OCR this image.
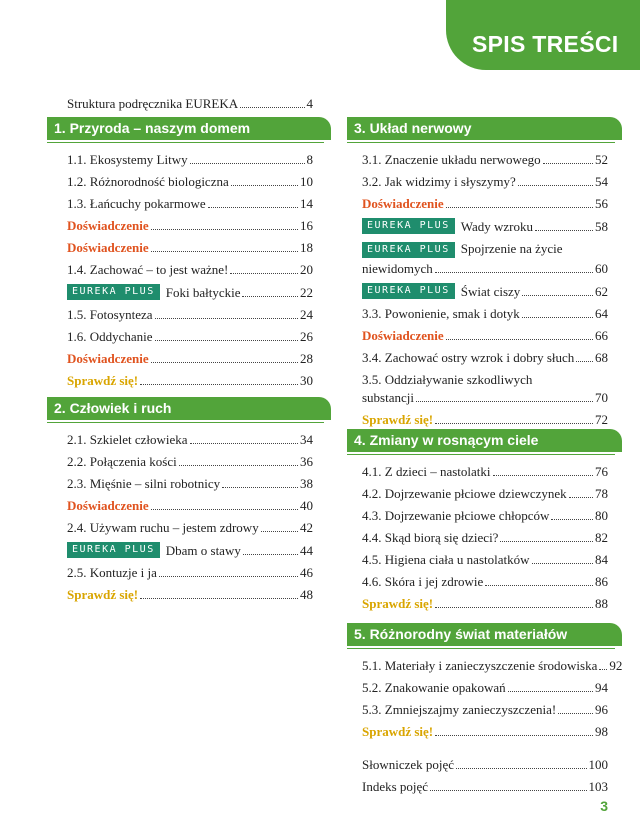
SPIS TREŚCI
Struktura podręcznika EUREKA	4
1. Przyroda – naszym domem
1.1. Ekosystemy Litwy	8
1.2. Różnorodność biologiczna	10
1.3. Łańcuchy pokarmowe	14
Doświadczenie	16
Doświadczenie	18
1.4. Zachować – to jest ważne!	20
EUREKA PLUS Foki bałtyckie	22
1.5. Fotosynteza	24
1.6. Oddychanie	26
Doświadczenie	28
Sprawdź się!	30
2. Człowiek i ruch
2.1. Szkielet człowieka	34
2.2. Połączenia kości	36
2.3. Mięśnie – silni robotnicy	38
Doświadczenie	40
2.4. Używam ruchu – jestem zdrowy	42
EUREKA PLUS Dbam o stawy	44
2.5. Kontuzje i ja	46
Sprawdź się!	48
3. Układ nerwowy
3.1. Znaczenie układu nerwowego	52
3.2. Jak widzimy i słyszymy?	54
Doświadczenie	56
EUREKA PLUS Wady wzroku	58
EUREKA PLUS Spojrzenie na życie
niewidomych	60
EUREKA PLUS Świat ciszy	62
3.3. Powonienie, smak i dotyk	64
Doświadczenie	66
3.4. Zachować ostry wzrok i dobry słuch 68
3.5. Oddziaływanie szkodliwych
substancji	70
Sprawdź się!	72
4. Zmiany w rosnącym ciele
4.1. Z dzieci – nastolatki	76
4.2. Dojrzewanie płciowe dziewczynek 78
4.3. Dojrzewanie płciowe chłopców	80
4.4. Skąd biorą się dzieci?	82
4.5. Higiena ciała u nastolatków	84
4.6. Skóra i jej zdrowie	86
Sprawdź się!	88
5. Różnorodny świat materiałów
5.1. Materiały i zanieczyszczenie środowiska 92
5.2. Znakowanie opakowań	94
5.3. Zmniejszajmy zanieczyszczenia!	96
Sprawdź się!	98
Słowniczek pojęć	100
Indeks pojęć	103
3
